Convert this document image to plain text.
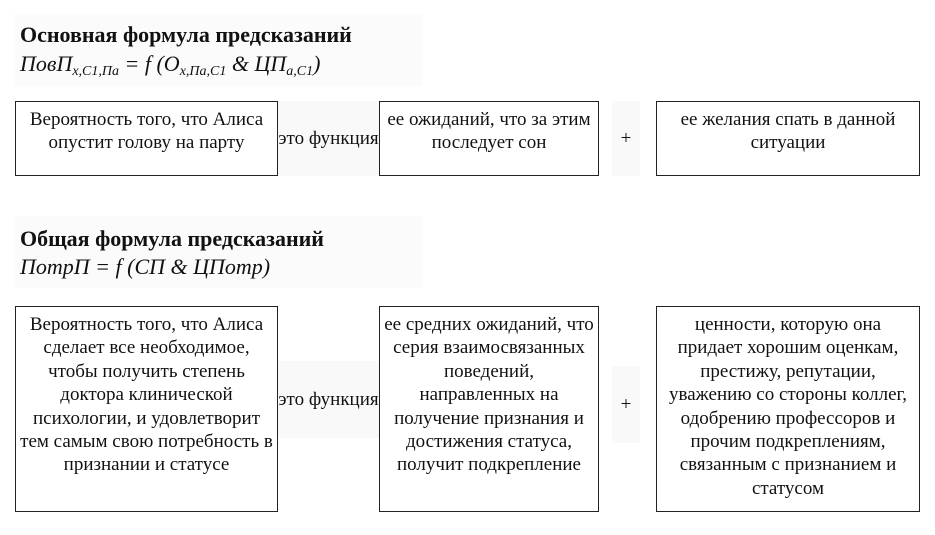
Основная формула предсказаний
ПовП$_{x,C1,Па}$ = f ($О_{x,Па,С1}$ & $ЦП_{а,С1}$)
Вероятность того, что Алиса опустит голову на парту	это функция
ее ожиданий, что за этим последует сон	+
ее желания спать в данной ситуации
Общая формула предсказаний
ПотрП = f (СП & ЦПотр)
Вероятность того, что Алиса сделает все необходимое, чтобы получить степень доктора клинической психологии, и удовлетворит тем самым свою потребность в признании и статусе
это функция
ее средних ожиданий, что серия взаимосвязанных поведений, направленных на получение признания и достижения статуса, получит подкрепление
+
ценности, которую она придает хорошим оценкам, престижу, репутации, уважению со стороны коллег, одобрению профессоров и прочим подкреплениям, связанным с признанием и статусом
